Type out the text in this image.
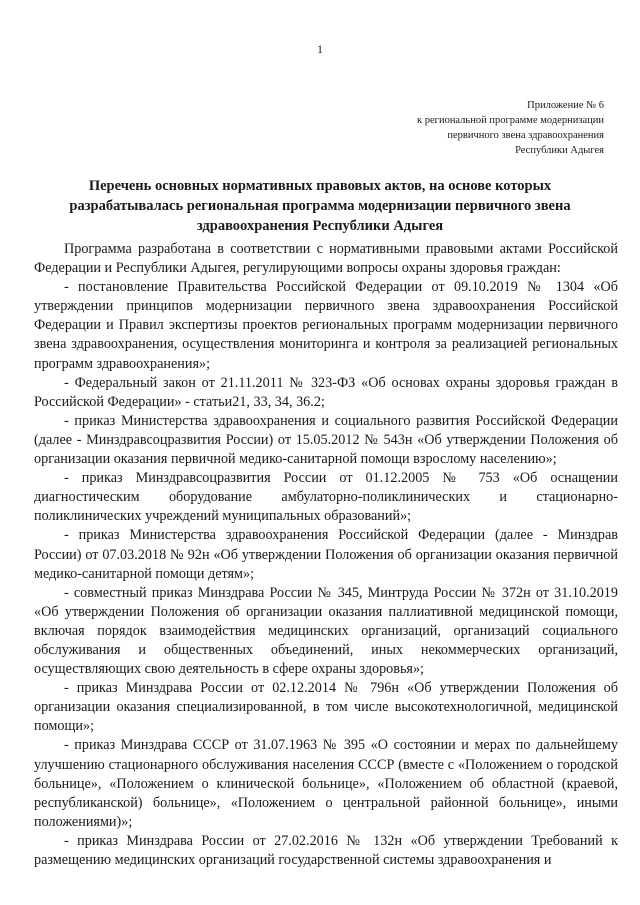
1
Приложение № 6
к региональной программе модернизации
первичного звена здравоохранения
Республики Адыгея
Перечень основных нормативных правовых актов, на основе которых
разрабатывалась региональная программа модернизации первичного звена
здравоохранения Республики Адыгея

Программа разработана в соответствии с нормативными правовыми актами Российской Федерации и Республики Адыгея, регулирующими вопросы охраны здоровья граждан:

- постановление Правительства Российской Федерации от 09.10.2019 № 1304 «Об утверждении принципов модернизации первичного звена здравоохранения Российской Федерации и Правил экспертизы проектов региональных программ модернизации первичного звена здравоохранения, осуществления мониторинга и контроля за реализацией региональных программ здравоохранения»;

- Федеральный закон от 21.11.2011 № 323-ФЗ «Об основах охраны здоровья граждан в Российской Федерации» - статьи21, 33, 34, 36.2;

- приказ Министерства здравоохранения и социального развития Российской Федерации (далее - Минздравсоцразвития России) от 15.05.2012 № 543н «Об утверждении Положения об организации оказания первичной медико-санитарной помощи взрослому населению»;

- приказ Минздравсоцразвития России от 01.12.2005 № 753 «Об оснащении диагностическим оборудование амбулаторно-поликлинических и стационарно-поликлинических учреждений муниципальных образований»;

- приказ Министерства здравоохранения Российской Федерации (далее - Минздрав России) от 07.03.2018 № 92н «Об утверждении Положения об организации оказания первичной медико-санитарной помощи детям»;

- совместный приказ Минздрава России № 345, Минтруда России № 372н от 31.10.2019 «Об утверждении Положения об организации оказания паллиативной медицинской помощи, включая порядок взаимодействия медицинских организаций, организаций социального обслуживания и общественных объединений, иных некоммерческих организаций, осуществляющих свою деятельность в сфере охраны здоровья»;

- приказ Минздрава России от 02.12.2014 № 796н «Об утверждении Положения об организации оказания специализированной, в том числе высокотехнологичной, медицинской помощи»;

- приказ Минздрава СССР от 31.07.1963 № 395 «О состоянии и мерах по дальнейшему улучшению стационарного обслуживания населения СССР (вместе с «Положением о городской больнице», «Положением о клинической больнице», «Положением об областной (краевой, республиканской) больнице», «Положением о центральной районной больнице», иными положениями)»;

- приказ Минздрава России от 27.02.2016 № 132н «Об утверждении Требований к размещению медицинских организаций государственной системы здравоохранения и
